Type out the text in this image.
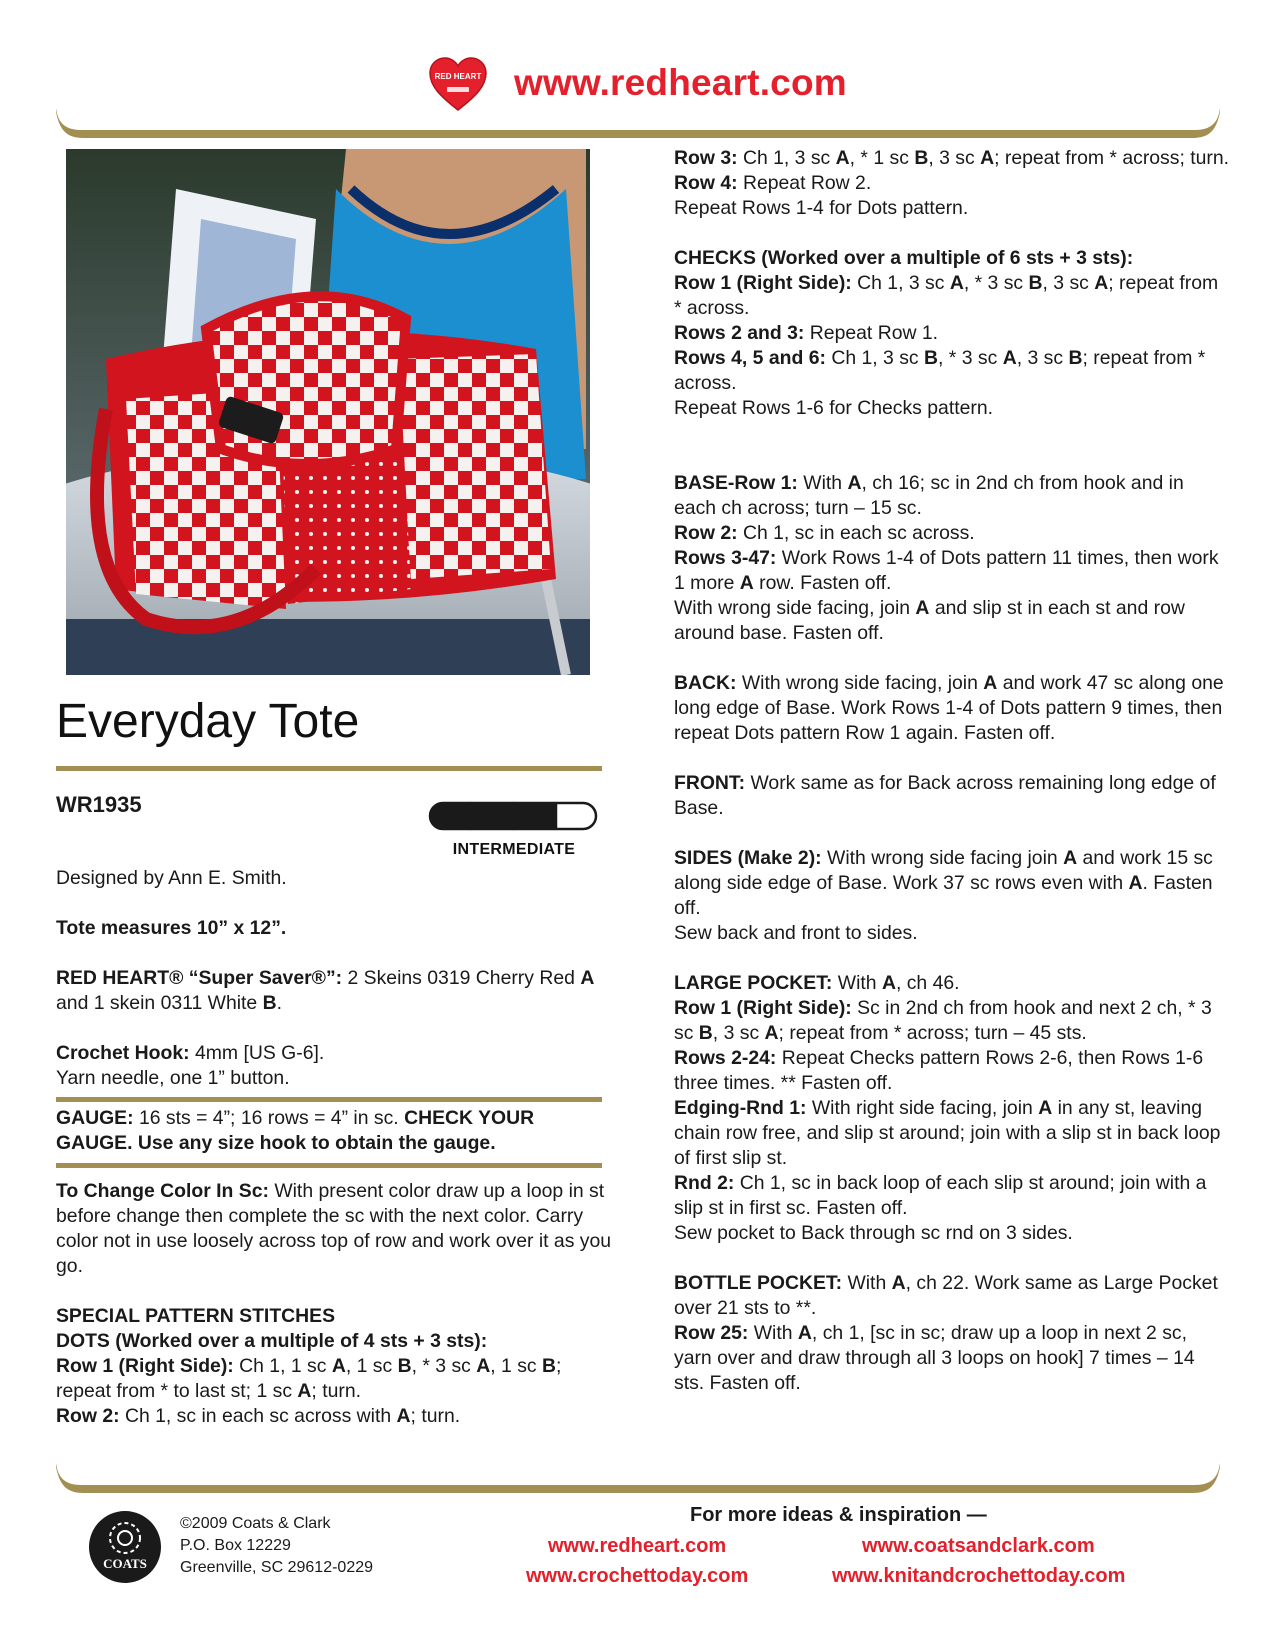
RED HEART www.redheart.com
Everyday Tote
WR1935
INTERMEDIATE

Designed by Ann E. Smith.

Tote measures 10” x 12”.

RED HEART® “Super Saver®”: 2 Skeins 0319 Cherry Red A and 1 skein 0311 White B.

Crochet Hook: 4mm [US G-6].

Yarn needle, one 1” button.

GAUGE: 16 sts = 4”; 16 rows = 4” in sc. CHECK YOUR GAUGE. Use any size hook to obtain the gauge.

To Change Color In Sc: With present color draw up a loop in st before change then complete the sc with the next color. Carry color not in use loosely across top of row and work over it as you go.

SPECIAL PATTERN STITCHES

DOTS (Worked over a multiple of 4 sts + 3 sts):

Row 1 (Right Side): Ch 1, 1 sc A, 1 sc B, * 3 sc A, 1 sc B; repeat from * to last st; 1 sc A; turn.

Row 2: Ch 1, sc in each sc across with A; turn.

Row 3: Ch 1, 3 sc A, * 1 sc B, 3 sc A; repeat from * across; turn.

Row 4: Repeat Row 2.

Repeat Rows 1-4 for Dots pattern.

CHECKS (Worked over a multiple of 6 sts + 3 sts):

Row 1 (Right Side): Ch 1, 3 sc A, * 3 sc B, 3 sc A; repeat from * across.

Rows 2 and 3: Repeat Row 1.

Rows 4, 5 and 6: Ch 1, 3 sc B, * 3 sc A, 3 sc B; repeat from * across.

Repeat Rows 1-6 for Checks pattern.

BASE-Row 1: With A, ch 16; sc in 2nd ch from hook and in each ch across; turn – 15 sc.

Row 2: Ch 1, sc in each sc across.

Rows 3-47: Work Rows 1-4 of Dots pattern 11 times, then work 1 more A row. Fasten off.

With wrong side facing, join A and slip st in each st and row around base. Fasten off.

BACK: With wrong side facing, join A and work 47 sc along one long edge of Base. Work Rows 1-4 of Dots pattern 9 times, then repeat Dots pattern Row 1 again. Fasten off.

FRONT: Work same as for Back across remaining long edge of Base.

SIDES (Make 2): With wrong side facing join A and work 15 sc along side edge of Base. Work 37 sc rows even with A. Fasten off.

Sew back and front to sides.

LARGE POCKET: With A, ch 46.

Row 1 (Right Side): Sc in 2nd ch from hook and next 2 ch, * 3 sc B, 3 sc A; repeat from * across; turn – 45 sts.

Rows 2-24: Repeat Checks pattern Rows 2-6, then Rows 1-6 three times. ** Fasten off.

Edging-Rnd 1: With right side facing, join A in any st, leaving chain row free, and slip st around; join with a slip st in back loop of first slip st.

Rnd 2: Ch 1, sc in back loop of each slip st around; join with a slip st in first sc. Fasten off.

Sew pocket to Back through sc rnd on 3 sides.

BOTTLE POCKET: With A, ch 22. Work same as Large Pocket over 21 sts to **.

Row 25: With A, ch 1, [sc in sc; draw up a loop in next 2 sc, yarn over and draw through all 3 loops on hook] 7 times – 14 sts. Fasten off.

COATS
©2009 Coats & Clark
P.O. Box 12229
Greenville, SC 29612-0229
For more ideas & inspiration —
www.redheart.com	www.coatsandclark.com
www.crochettoday.com	www.knitandcrochettoday.com
